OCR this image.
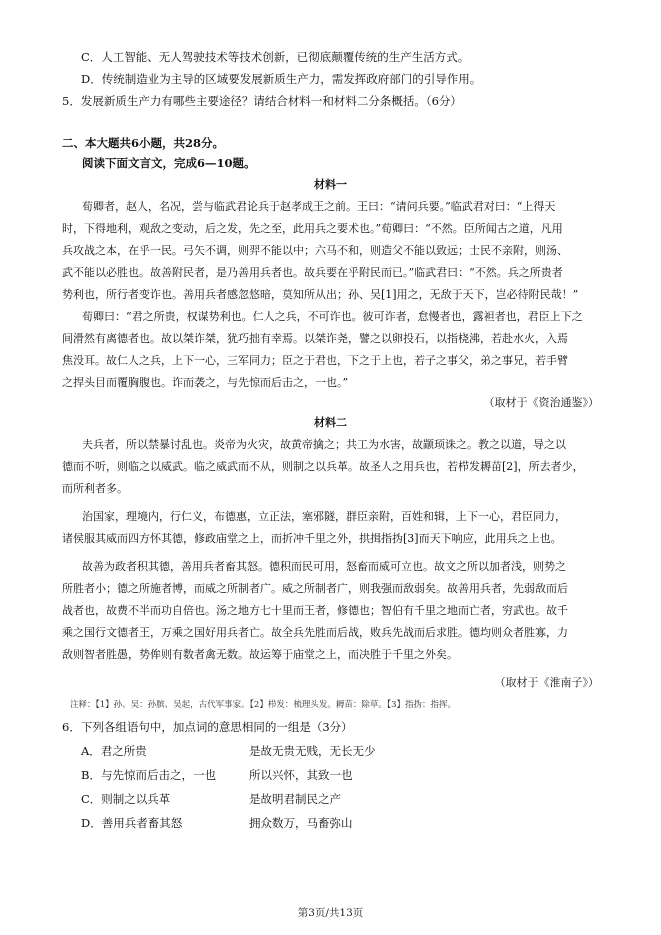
C．人工智能、无人驾驶技术等技术创新，已彻底颠覆传统的生产生活方式。
D．传统制造业为主导的区域要发展新质生产力，需发挥政府部门的引导作用。
5．发展新质生产力有哪些主要途径？请结合材料一和材料二分条概括。（6分）
二、本大题共6小题，共28分。
阅读下面文言文，完成6—10题。
材料一
荀卿者，赵人，名况，尝与临武君论兵于赵孝成王之前。王曰：“请问兵要。”临武君对曰：“上得天
时，下得地利，观敌之变动，后之发，先之至，此用兵之要术也。”荀卿曰：“不然。臣所闻古之道，凡用
兵攻战之本，在乎一民。弓矢不调，则羿不能以中；六马不和，则造父不能以致远；士民不亲附，则汤、
武不能以必胜也。故善附民者，是乃善用兵者也。故兵要在乎附民而已。”临武君曰：“不然。兵之所贵者
势利也，所行者变诈也。善用兵者感忽悠暗，莫知所从出；孙、吴[1]用之，无敌于天下，岂必待附民哉！”
荀卿曰：“君之所贵，权谋势利也。仁人之兵，不可诈也。彼可诈者，怠慢者也，露袒者也，君臣上下之
间滑然有离德者也。故以桀诈桀，犹巧拙有幸焉。以桀诈尧，譬之以卵投石，以指桡沸，若赴水火，入焉
焦没耳。故仁人之兵，上下一心，三军同力；臣之于君也，下之于上也，若子之事父，弟之事兄，若手臂
之捍头目而覆胸腹也。诈而袭之，与先惊而后击之，一也。”
（取材于《资治通鉴》）
材料二
夫兵者，所以禁暴讨乱也。炎帝为火灾，故黄帝擒之；共工为水害，故颛顼诛之。教之以道，导之以
德而不听，则临之以威武。临之威武而不从，则制之以兵革。故圣人之用兵也，若栉发耨苗[2]，所去者少，
而所利者多。
治国家，理境内，行仁义，布德惠，立正法，塞邪隧，群臣亲附，百姓和辑，上下一心，君臣同力，
诸侯服其威而四方怀其德，修政庙堂之上，而折冲千里之外，拱揖指㧑[3]而天下响应，此用兵之上也。
故善为政者积其德，善用兵者畜其怒。德积而民可用，怒畜而威可立也。故文之所以加者浅，则势之
所胜者小；德之所施者博，而威之所制者广。威之所制者广，则我强而敌弱矣。故善用兵者，先弱敌而后
战者也，故费不半而功自倍也。汤之地方七十里而王者，修德也；智伯有千里之地而亡者，穷武也。故千
乘之国行文德者王，万乘之国好用兵者亡。故全兵先胜而后战，败兵先战而后求胜。德均则众者胜寡，力
敌则智者胜愚，势侔则有数者禽无数。故运筹于庙堂之上，而决胜于千里之外矣。
（取材于《淮南子》）
注释：【1】孙、吴：孙膑、吴起，古代军事家。【2】栉发：梳理头发。耨苗：除草。【3】指㧑：指挥。
6．下列各组语句中，加点词的意思相同的一组是（3分）
A．君之所贵	是故无贵无贱，无长无少
B．与先惊而后击之，一也	所以兴怀，其致一也
C．则制之以兵革	是故明君制民之产
D．善用兵者畜其怒	拥众数万，马畜弥山
第3页/共13页
